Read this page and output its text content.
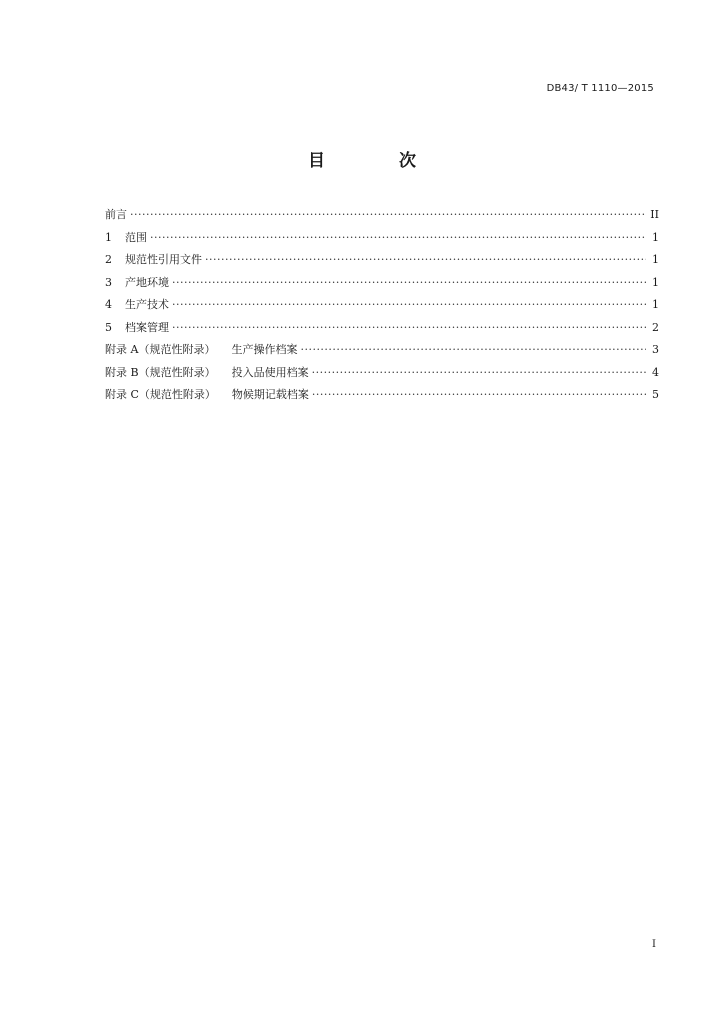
DB43/ T 1110—2015
目 次
前言 ·····	II
1 范围 ·····	1
2 规范性引用文件 ·····	1
3 产地环境 ·····	1
4 生产技术 ·····	1
5 档案管理 ·····	2
附录 A（规范性附录） 生产操作档案 ·····	3
附录 B（规范性附录） 投入品使用档案 ·····	4
附录 C（规范性附录） 物候期记载档案 ·····	5
I
